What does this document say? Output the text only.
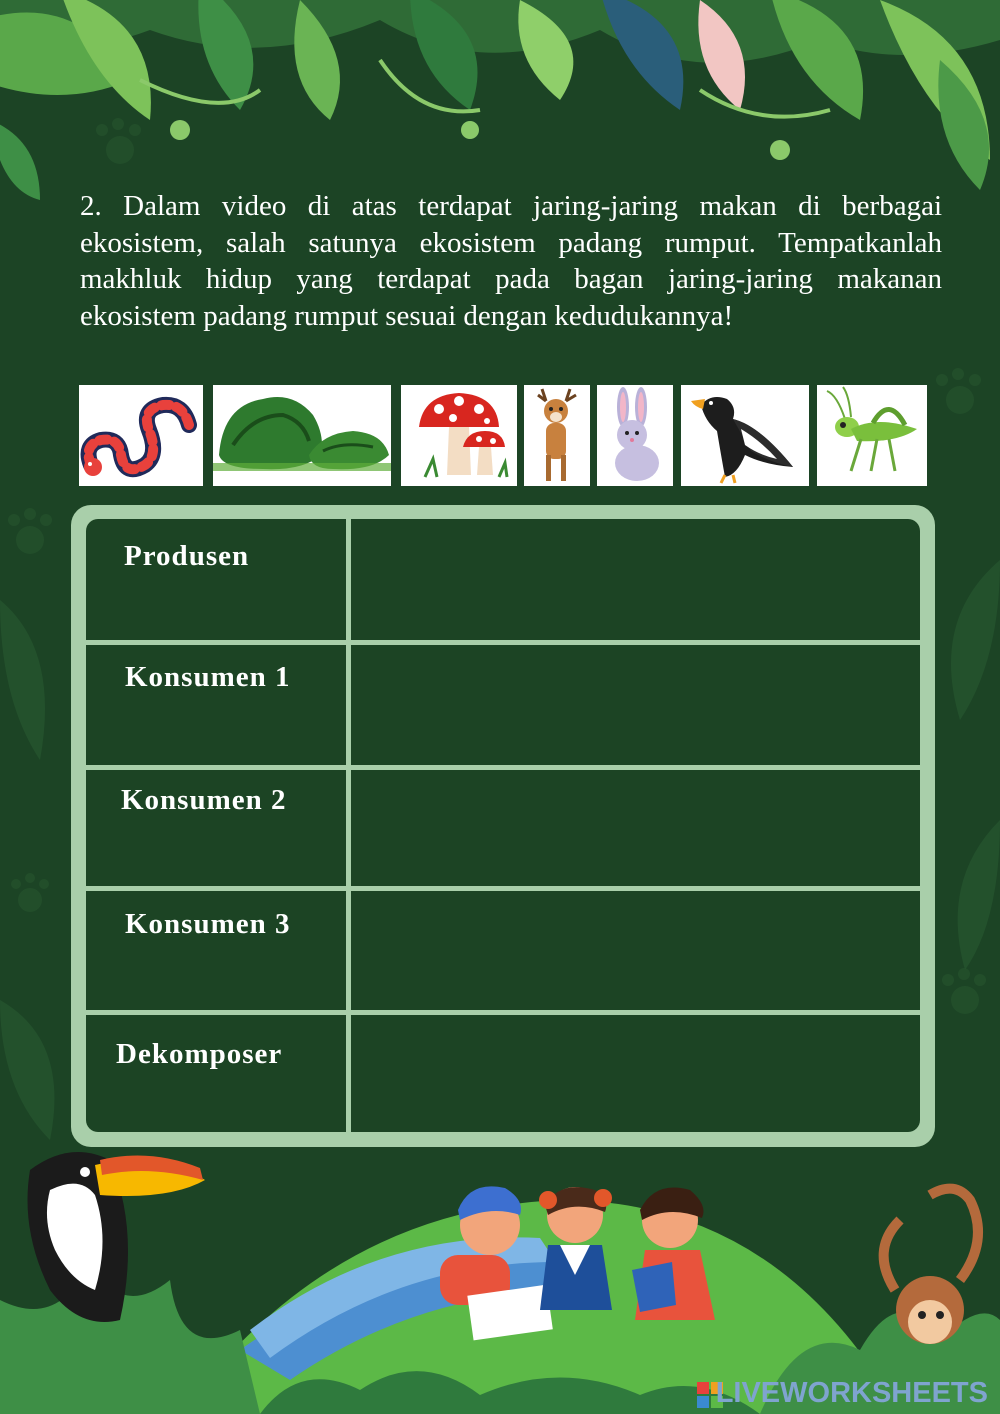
2. Dalam video di atas terdapat jaring-jaring makan di berbagai ekosistem, salah satunya ekosistem padang rumput. Tempatkanlah makhluk hidup yang terdapat pada bagan jaring-jaring makanan ekosistem padang rumput sesuai dengan kedudukannya!

Produsen
Konsumen 1
Konsumen 2
Konsumen 3
Dekomposer
LIVEWORKSHEETS
